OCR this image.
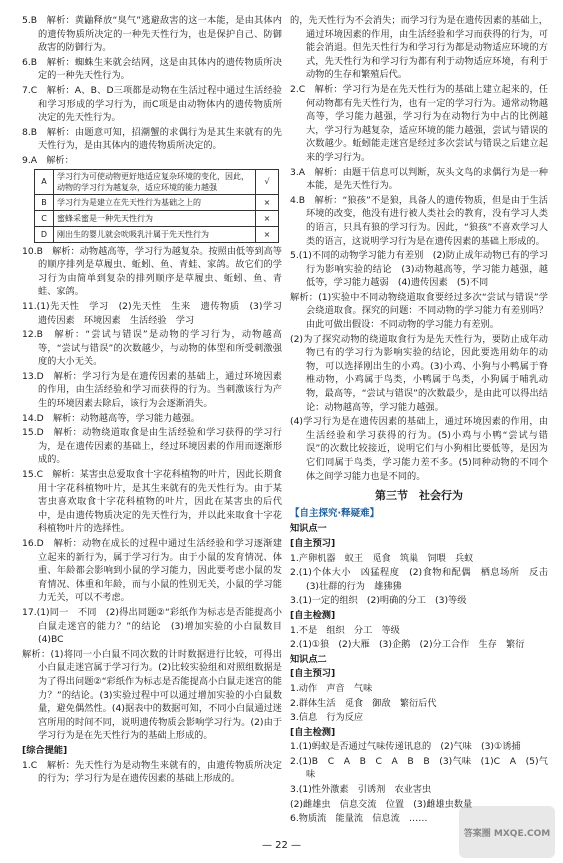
5.B　解析：黄鼬释放“臭气”逃避敌害的这一本能，是由其体内的遗传物质所决定的一种先天性行为，也是保护自己、防御敌害的防御行为。
6.B　解析：蜘蛛生来就会结网，这是由其体内的遗传物质所决定的一种先天性行为。
7.C　解析：A、B、D三项都是动物在生活过程中通过生活经验和学习形成的学习行为，而C项是由动物体内的遗传物质所决定的先天性行为。
8.B　解析：由题意可知，招潮蟹的求偶行为是其生来就有的先天性行为，是由其体内的遗传物质所决定的。
9.A　解析：
A	学习行为可使动物更好地适应复杂环境的变化，因此，动物的学习行为越复杂，适应环境的能力越强	√
B	学习行为是建立在先天性行为基础之上的	×
C	蜜蜂采蜜是一种先天性行为	×
D	刚出生的婴儿就会吮吸乳汁属于先天性行为	×
10.B　解析：动物越高等，学习行为越复杂。按照由低等到高等的顺序排列是草履虫、蚯蚓、鱼、青蛙、家鸽。故它们的学习行为由简单到复杂的排列顺序是草履虫、蚯蚓、鱼、青蛙、家鸽。
11.(1)先天性　学习　(2)先天性　生来　遗传物质　(3)学习　遗传因素　环境因素　生活经验　学习
12.B　解析：“尝试与错误”是动物的学习行为，动物越高等，“尝试与错误”的次数越少，与动物的体型和所受刺激强度的大小无关。
13.D　解析：学习行为是在遗传因素的基础上，通过环境因素的作用，由生活经验和学习而获得的行为。当刺激该行为产生的环境因素去除后，该行为会逐渐消失。
14.D　解析：动物越高等，学习能力越强。
15.D　解析：动物绕道取食是由生活经验和学习获得的学习行为，是在遗传因素的基础上，经过环境因素的作用而逐渐形成的。
15.C　解析：某害虫总爱取食十字花科植物的叶片，因此长期食用十字花科植物叶片，是其生来就有的先天性行为。由于某害虫喜欢取食十字花科植物的叶片，因此在某害虫的后代中，是由遗传物质决定的先天性行为，并以此来取食十字花科植物叶片的选择性。
16.D　解析：动物在成长的过程中通过生活经验和学习逐渐建立起来的新行为，属于学习行为。由于小鼠的发育情况、体重、年龄都会影响到小鼠的学习能力，因此要考虑小鼠的发育情况、体重和年龄，而与小鼠的性别无关，小鼠的学习能力无关，可以不考虑。
17.(1)同一　不同　(2)得出同题②“彩纸作为标志是否能提高小白鼠走迷宫的能力？”的结论　(3)增加实验的小白鼠数目　(4)BC
解析：(1)将同一小白鼠不同次数的计时数据进行比较，可得出小白鼠走迷宫属于学习行为。(2)比较实验组和对照组数据是为了得出问题②“彩纸作为标志是否能提高小白鼠走迷宫的能力？”的结论。(3)实验过程中可以通过增加实验的小白鼠数量，避免偶然性。(4)据表中的数据可知，不同小白鼠通过迷宫所用的时间不同，说明遗传物质会影响学习行为。(2)由于学习行为是在先天性行为的基础上形成的。
[综合提能]
1.C　解析：先天性行为是动物生来就有的，由遗传物质所决定的行为；学习行为是在遗传因素的基础上形成的。
的，先天性行为不会消失；而学习行为是在遗传因素的基础上，通过环境因素的作用，由生活经验和学习而获得的行为，可能会消退。但先天性行为和学习行为都是动物适应环境的方式，先天性行为和学习行为都有利于动物适应环境，有利于动物的生存和繁殖后代。
2.C　解析：学习行为是在先天性行为的基础上建立起来的，任何动物都有先天性行为，也有一定的学习行为。通常动物越高等，学习能力越强，学习行为在动物行为中占的比例越大，学习行为越复杂，适应环境的能力越强，尝试与错误的次数越少。蚯蚓能走迷宫是经过多次尝试与错误之后建立起来的学习行为。
3.A　解析：由题干信息可以判断，灰头文鸟的求偶行为是一种本能，是先天性行为。
4.B　解析：“狼孩”不是狼，具备人的遗传物质，但是由于生活环境的改变，他没有进行被人类社会的教育，没有学习人类的语言，只具有狼的学习行为。因此，“狼孩”不喜欢学习人类的语言，这说明学习行为是在遗传因素的基础上形成的。
5.(1)不同的动物学习能力有差别　(2)防止成年动物已有的学习行为影响实验的结论　(3)动物越高等，学习能力越强，越低等，学习能力越弱　(4)遗传因素　(5)不同
解析：(1)实验中不同动物绕道取食要经过多次“尝试与错误”学会绕道取食。探究的问题：不同动物的学习能力有差别吗？由此可做出假设：不同动物的学习能力有差别。
(2)为了探究动物的绕道取食行为是先天性行为，要防止成年动物已有的学习行为影响实验的结论，因此要选用幼年的动物，可以选择刚出生的小鸡。(3)小鸡、小狗与小鸭属于脊椎动物，小鸡属于鸟类，小鸭属于鸟类，小狗属于哺乳动物，最高等，“尝试与错误”的次数最少，是由此可以得出结论：动物越高等，学习能力越强。
(4)学习行为是在遗传因素的基础上，通过环境因素的作用，由生活经验和学习获得的行为。(5)小鸡与小鸭“尝试与错误”的次数比较接近，说明它们与小狗相比要低等，是因为它们同属于鸟类，学习能力差不多。(5)同种动物的不同个体之间学习能力也是不同的。
第三节　社会行为
【自主探究·释疑难】
知识点一
[自主预习]
1.产卵机器　蚁王　觅食　筑巢　饲喂　兵蚁
2.(1)个体大小　凶猛程度　(2)食物和配偶　栖息场所　反击　(3)壮群的行为　雄狒狒
3.(1)一定的组织　(2)明确的分工　(3)等级
[自主检测]
1.不是　组织　分工　等级
2.(1)①狼　(2)大雁　(3)企鹅　(2)分工合作　生存　繁衍
知识点二
[自主预习]
1.动作　声音　气味
2.群体生活　觅食　御敌　繁衍后代
3.信息　行为反应
[自主检测]
1.(1)蚂蚁是否通过气味传递讯息的　(2)气味　(3)①诱捕
2.(1)B　C　A　B　C　A　B　B　(3)气味　(1)C　A　(5)气味
3.(1)性外激素　引诱剂　农业害虫
(2)雌雄虫　信息交流　位置　(3)雌雄虫数量
6.物质流　能量流　信息流　……
— 22 —
答案圈 MXQE.COM
